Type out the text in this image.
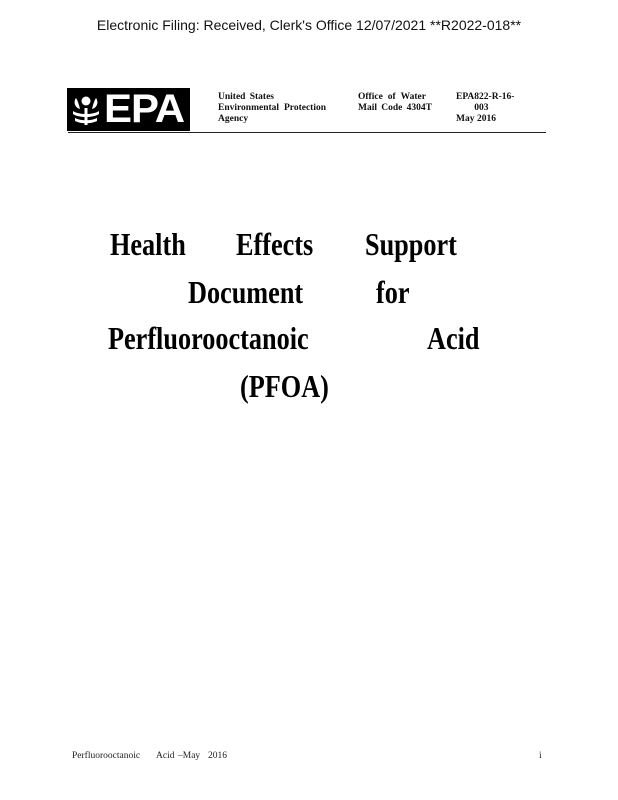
Electronic Filing: Received, Clerk's Office 12/07/2021 **R2022-018**
EPA	United States
Environmental Protection
Agency
Office of Water
Mail Code 4304T
EPA 822-R-16-003
May 2016
Health Effects Support
Document for
Perfluorooctanoic	Acid
(PFOA)
Perfluorooctanoic Acid –May 2016	i
